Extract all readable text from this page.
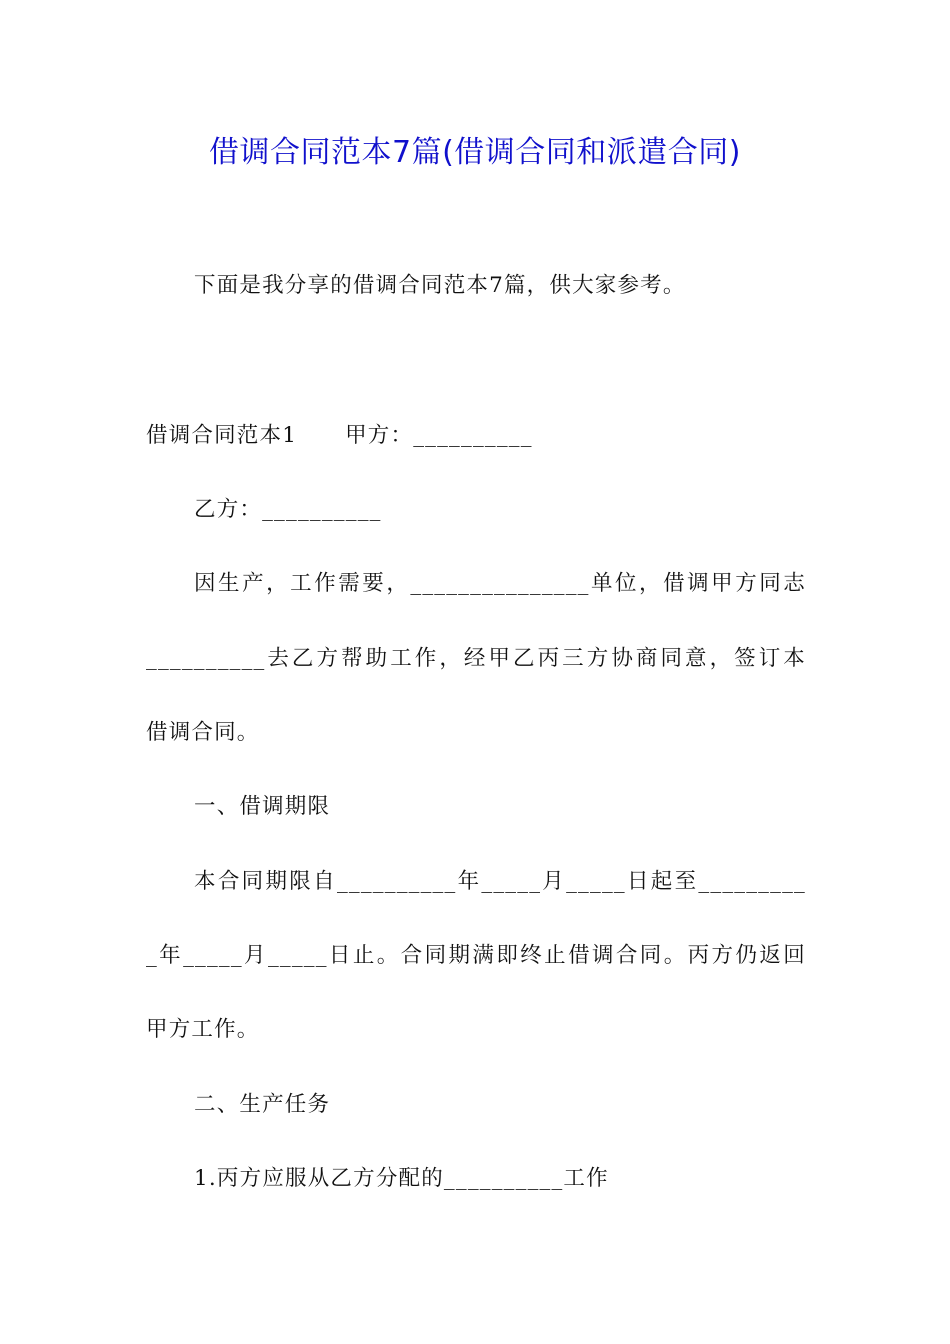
借调合同范本7篇(借调合同和派遣合同)
下面是我分享的借调合同范本7篇，供大家参考。
借调合同范本1 甲方：__________
乙方：__________
因生产，工作需要，_______________单位，借调甲方同志
__________去乙方帮助工作，经甲乙丙三方协商同意，签订本
借调合同。
一、借调期限
本合同期限自__________年_____月_____日起至_________
_年_____月_____日止。合同期满即终止借调合同。丙方仍返回
甲方工作。
二、生产任务
1.丙方应服从乙方分配的__________工作
